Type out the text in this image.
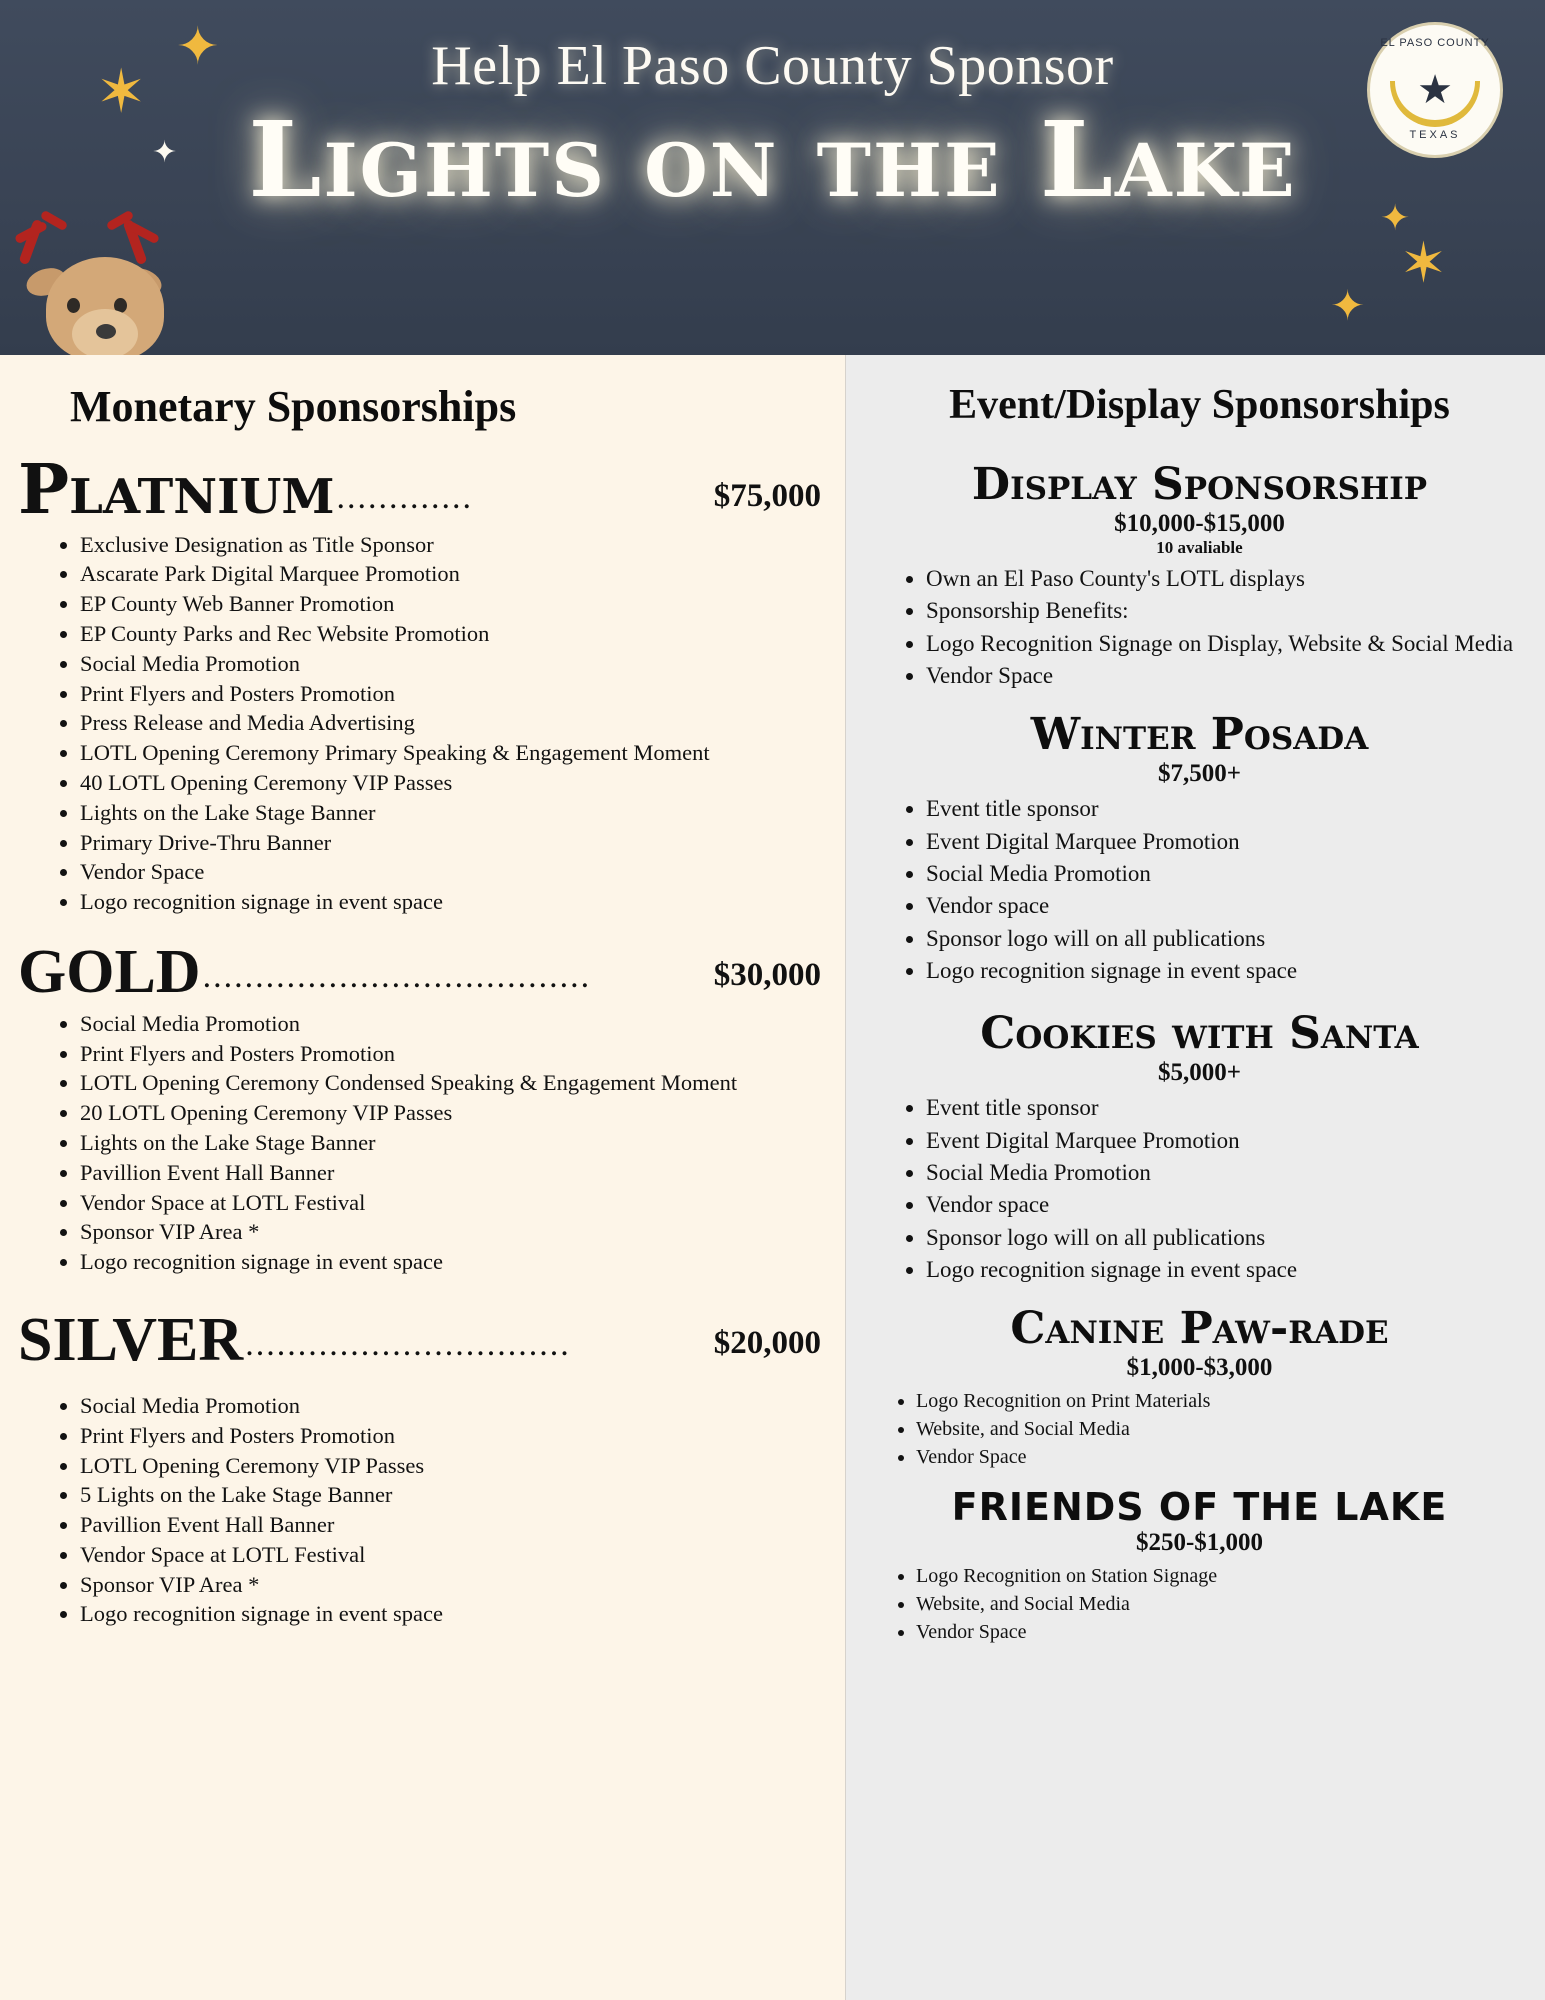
✦
✶
✦
✦
✶
✦
Help El Paso County Sponsor
Lights on the Lake
EL PASO COUNTY
★
TEXAS
Monetary Sponsorships
Platnium .............	$75,000
• Exclusive Designation as Title Sponsor
• Ascarate Park Digital Marquee Promotion
• EP County Web Banner Promotion
• EP County Parks and Rec Website Promotion
• Social Media Promotion
• Print Flyers and Posters Promotion
• Press Release and Media Advertising
• LOTL Opening Ceremony Primary Speaking & Engagement Moment
• 40 LOTL Opening Ceremony VIP Passes
• Lights on the Lake Stage Banner
• Primary Drive-Thru Banner
• Vendor Space
• Logo recognition signage in event space
GOLD .....................................	$30,000
• Social Media Promotion
• Print Flyers and Posters Promotion
• LOTL Opening Ceremony Condensed Speaking & Engagement Moment
• 20 LOTL Opening Ceremony VIP Passes
• Lights on the Lake Stage Banner
• Pavillion Event Hall Banner
• Vendor Space at LOTL Festival
• Sponsor VIP Area *
• Logo recognition signage in event space
SILVER ...............................	$20,000
• Social Media Promotion
• Print Flyers and Posters Promotion
• LOTL Opening Ceremony VIP Passes
• 5 Lights on the Lake Stage Banner
• Pavillion Event Hall Banner
• Vendor Space at LOTL Festival
• Sponsor VIP Area *
• Logo recognition signage in event space
Event/Display Sponsorships
Display Sponsorship
$10,000-$15,000
10 avaliable
• Own an El Paso County's LOTL displays
• Sponsorship Benefits:
• Logo Recognition Signage on Display, Website & Social Media
• Vendor Space
Winter Posada
$7,500+
• Event title sponsor
• Event Digital Marquee Promotion
• Social Media Promotion
• Vendor space
• Sponsor logo will on all publications
• Logo recognition signage in event space
Cookies with Santa
$5,000+
• Event title sponsor
• Event Digital Marquee Promotion
• Social Media Promotion
• Vendor space
• Sponsor logo will on all publications
• Logo recognition signage in event space
Canine Paw-rade
$1,000-$3,000
• Logo Recognition on Print Materials
• Website, and Social Media
• Vendor Space
FRIENDS OF THE LAKE
$250-$1,000
• Logo Recognition on Station Signage
• Website, and Social Media
• Vendor Space
